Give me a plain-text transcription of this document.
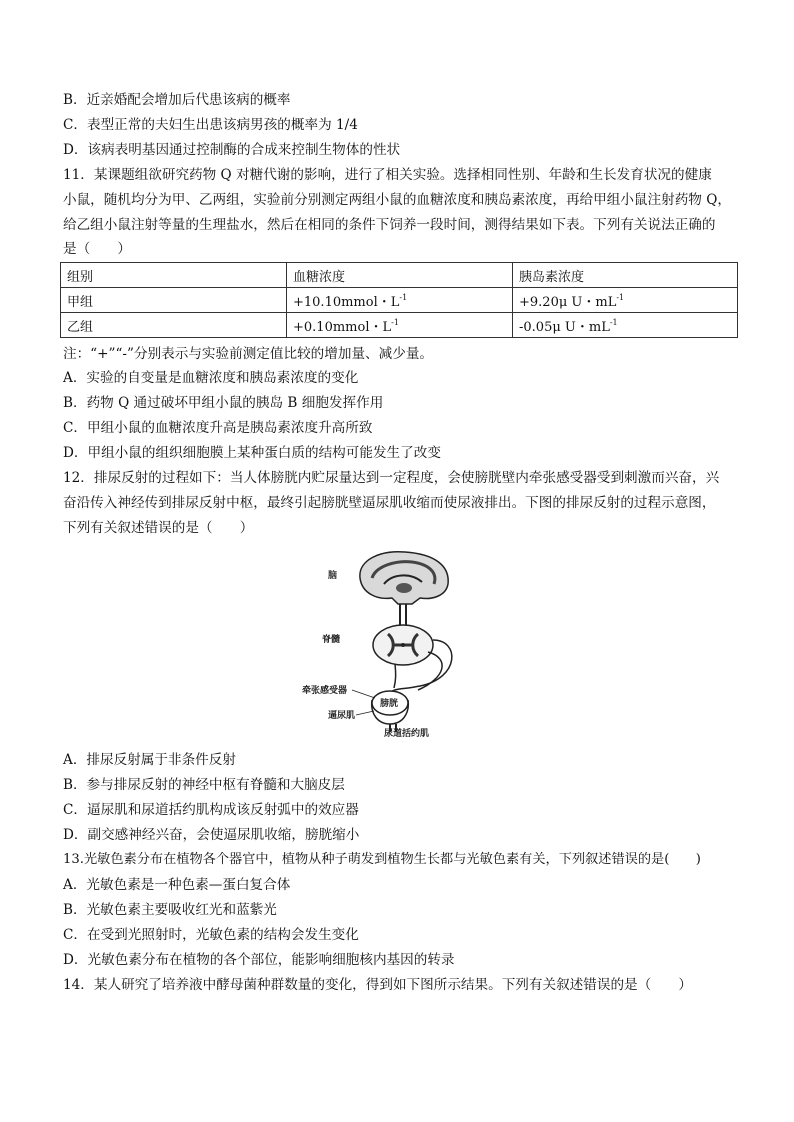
B．近亲婚配会增加后代患该病的概率
C．表型正常的夫妇生出患该病男孩的概率为 1/4
D．该病表明基因通过控制酶的合成来控制生物体的性状
11．某课题组欲研究药物 Q 对糖代谢的影响，进行了相关实验。选择相同性别、年龄和生长发育状况的健康
小鼠，随机均分为甲、乙两组，实验前分别测定两组小鼠的血糖浓度和胰岛素浓度，再给甲组小鼠注射药物 Q，
给乙组小鼠注射等量的生理盐水，然后在相同的条件下饲养一段时间，测得结果如下表。下列有关说法正确的
是（　　）
组别	血糖浓度	胰岛素浓度
甲组	+10.10mmol・$L^{-1}$	+9.20μ U・$mL^{-1}$
乙组	+0.10mmol・$L^{-1}$	-0.05μ U・$mL^{-1}$
注：“+”“-”分别表示与实验前测定值比较的增加量、减少量。
A．实验的自变量是血糖浓度和胰岛素浓度的变化
B．药物 Q 通过破坏甲组小鼠的胰岛 B 细胞发挥作用
C．甲组小鼠的血糖浓度升高是胰岛素浓度升高所致
D．甲组小鼠的组织细胞膜上某种蛋白质的结构可能发生了改变
12．排尿反射的过程如下：当人体膀胱内贮尿量达到一定程度，会使膀胱壁内牵张感受器受到刺激而兴奋，兴
奋沿传入神经传到排尿反射中枢，最终引起膀胱壁逼尿肌收缩而使尿液排出。下图的排尿反射的过程示意图，
下列有关叙述错误的是（　　）
脑
脊髓
牵张感受器
膀胱
逼尿肌
尿道括约肌
A．排尿反射属于非条件反射
B．参与排尿反射的神经中枢有脊髓和大脑皮层
C．逼尿肌和尿道括约肌构成该反射弧中的效应器
D．副交感神经兴奋，会使逼尿肌收缩，膀胱缩小
13.光敏色素分布在植物各个器官中，植物从种子萌发到植物生长都与光敏色素有关，下列叙述错误的是(　　)
A．光敏色素是一种色素—蛋白复合体
B．光敏色素主要吸收红光和蓝紫光
C．在受到光照射时，光敏色素的结构会发生变化
D．光敏色素分布在植物的各个部位，能影响细胞核内基因的转录
14．某人研究了培养液中酵母菌种群数量的变化，得到如下图所示结果。下列有关叙述错误的是（　　）
